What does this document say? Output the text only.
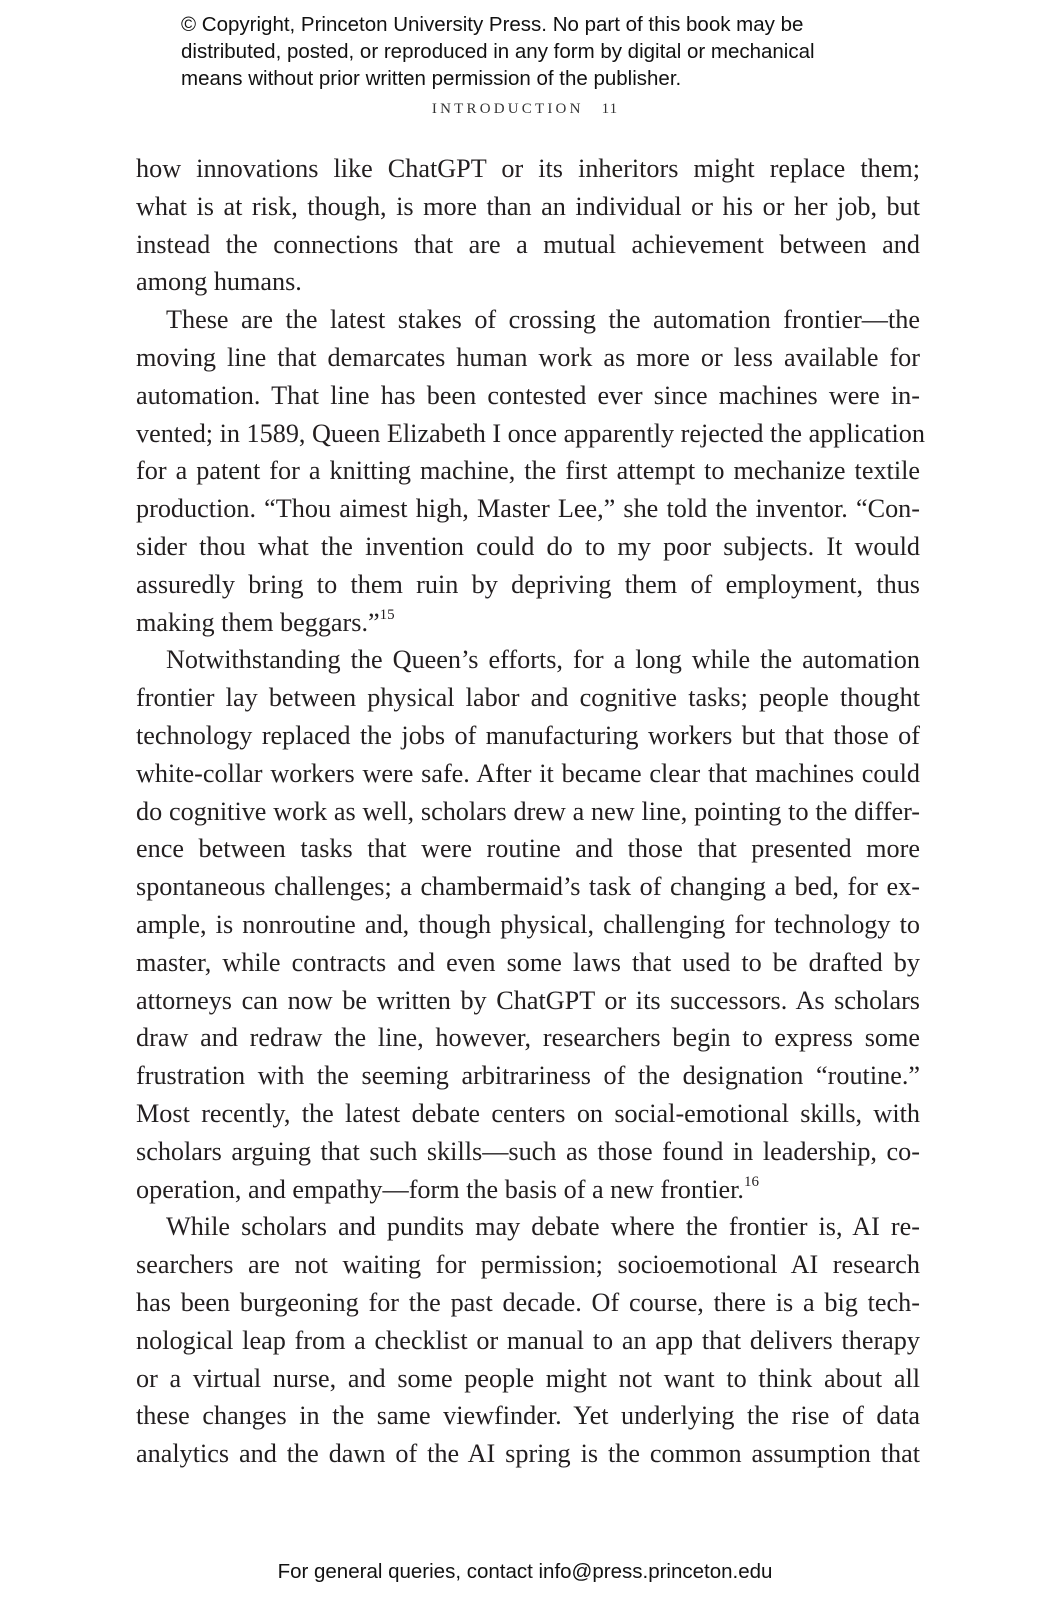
© Copyright, Princeton University Press. No part of this book may be
distributed, posted, or reproduced in any form by digital or mechanical
means without prior written permission of the publisher.
INTRODUCTION 11

how innovations like ChatGPT or its inheritors might replace them;
what is at risk, though, is more than an individual or his or her job, but
instead the connections that are a mutual achievement between and
among humans.

These are the latest stakes of crossing the automation frontier—the
moving line that demarcates human work as more or less available for
automation. That line has been contested ever since machines were in-
vented; in 1589, Queen Elizabeth I once apparently rejected the application
for a patent for a knitting machine, the first attempt to mechanize textile
production. “Thou aimest high, Master Lee,” she told the inventor. “Con-
sider thou what the invention could do to my poor subjects. It would
assuredly bring to them ruin by depriving them of employment, thus
making them beggars.”$^{15}$

Notwithstanding the Queen’s efforts, for a long while the automation
frontier lay between physical labor and cognitive tasks; people thought
technology replaced the jobs of manufacturing workers but that those of
white-collar workers were safe. After it became clear that machines could
do cognitive work as well, scholars drew a new line, pointing to the differ-
ence between tasks that were routine and those that presented more
spontaneous challenges; a chambermaid’s task of changing a bed, for ex-
ample, is nonroutine and, though physical, challenging for technology to
master, while contracts and even some laws that used to be drafted by
attorneys can now be written by ChatGPT or its successors. As scholars
draw and redraw the line, however, researchers begin to express some
frustration with the seeming arbitrariness of the designation “routine.”
Most recently, the latest debate centers on social-emotional skills, with
scholars arguing that such skills—such as those found in leadership, co-
operation, and empathy—form the basis of a new frontier.$^{16}$

While scholars and pundits may debate where the frontier is, AI re-
searchers are not waiting for permission; socioemotional AI research
has been burgeoning for the past decade. Of course, there is a big tech-
nological leap from a checklist or manual to an app that delivers therapy
or a virtual nurse, and some people might not want to think about all
these changes in the same viewfinder. Yet underlying the rise of data
analytics and the dawn of the AI spring is the common assumption that

For general queries, contact info@press.princeton.edu
